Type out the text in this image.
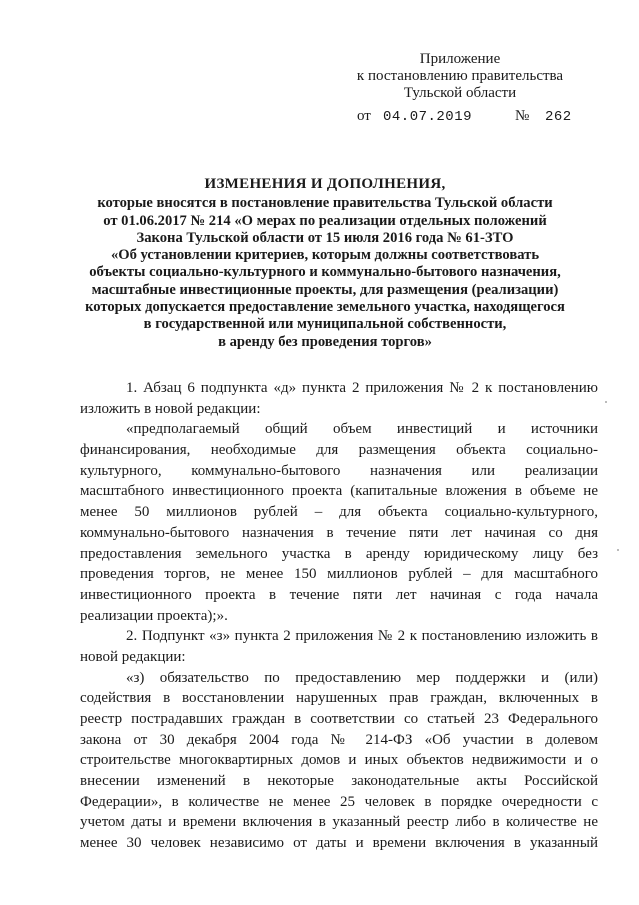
Приложение
к постановлению правительства
Тульской области
от 04.07.2019	№ 262
ИЗМЕНЕНИЯ И ДОПОЛНЕНИЯ,
которые вносятся в постановление правительства Тульской области
от 01.06.2017 № 214 «О мерах по реализации отдельных положений
Закона Тульской области от 15 июля 2016 года № 61-ЗТО
«Об установлении критериев, которым должны соответствовать
объекты социально-культурного и коммунально-бытового назначения,
масштабные инвестиционные проекты, для размещения (реализации)
которых допускается предоставление земельного участка, находящегося
в государственной или муниципальной собственности,
в аренду без проведения торгов»
1. Абзац 6 подпункта «д» пункта 2 приложения № 2 к постановлению
изложить в новой редакции:
«предполагаемый общий объем инвестиций и источники
финансирования, необходимые для размещения объекта социально-
культурного, коммунально-бытового назначения или реализации
масштабного инвестиционного проекта (капитальные вложения в объеме не
менее 50 миллионов рублей – для объекта социально-культурного,
коммунально-бытового назначения в течение пяти лет начиная со дня
предоставления земельного участка в аренду юридическому лицу без
проведения торгов, не менее 150 миллионов рублей – для масштабного
инвестиционного проекта в течение пяти лет начиная с года начала
реализации проекта);».
2. Подпункт «з» пункта 2 приложения № 2 к постановлению изложить в
новой редакции:
«з) обязательство по предоставлению мер поддержки и (или)
содействия в восстановлении нарушенных прав граждан, включенных в
реестр пострадавших граждан в соответствии со статьей 23 Федерального
закона от 30 декабря 2004 года № 214-ФЗ «Об участии в долевом
строительстве многоквартирных домов и иных объектов недвижимости и о
внесении изменений в некоторые законодательные акты Российской
Федерации», в количестве не менее 25 человек в порядке очередности с
учетом даты и времени включения в указанный реестр либо в количестве не
менее 30 человек независимо от даты и времени включения в указанный
